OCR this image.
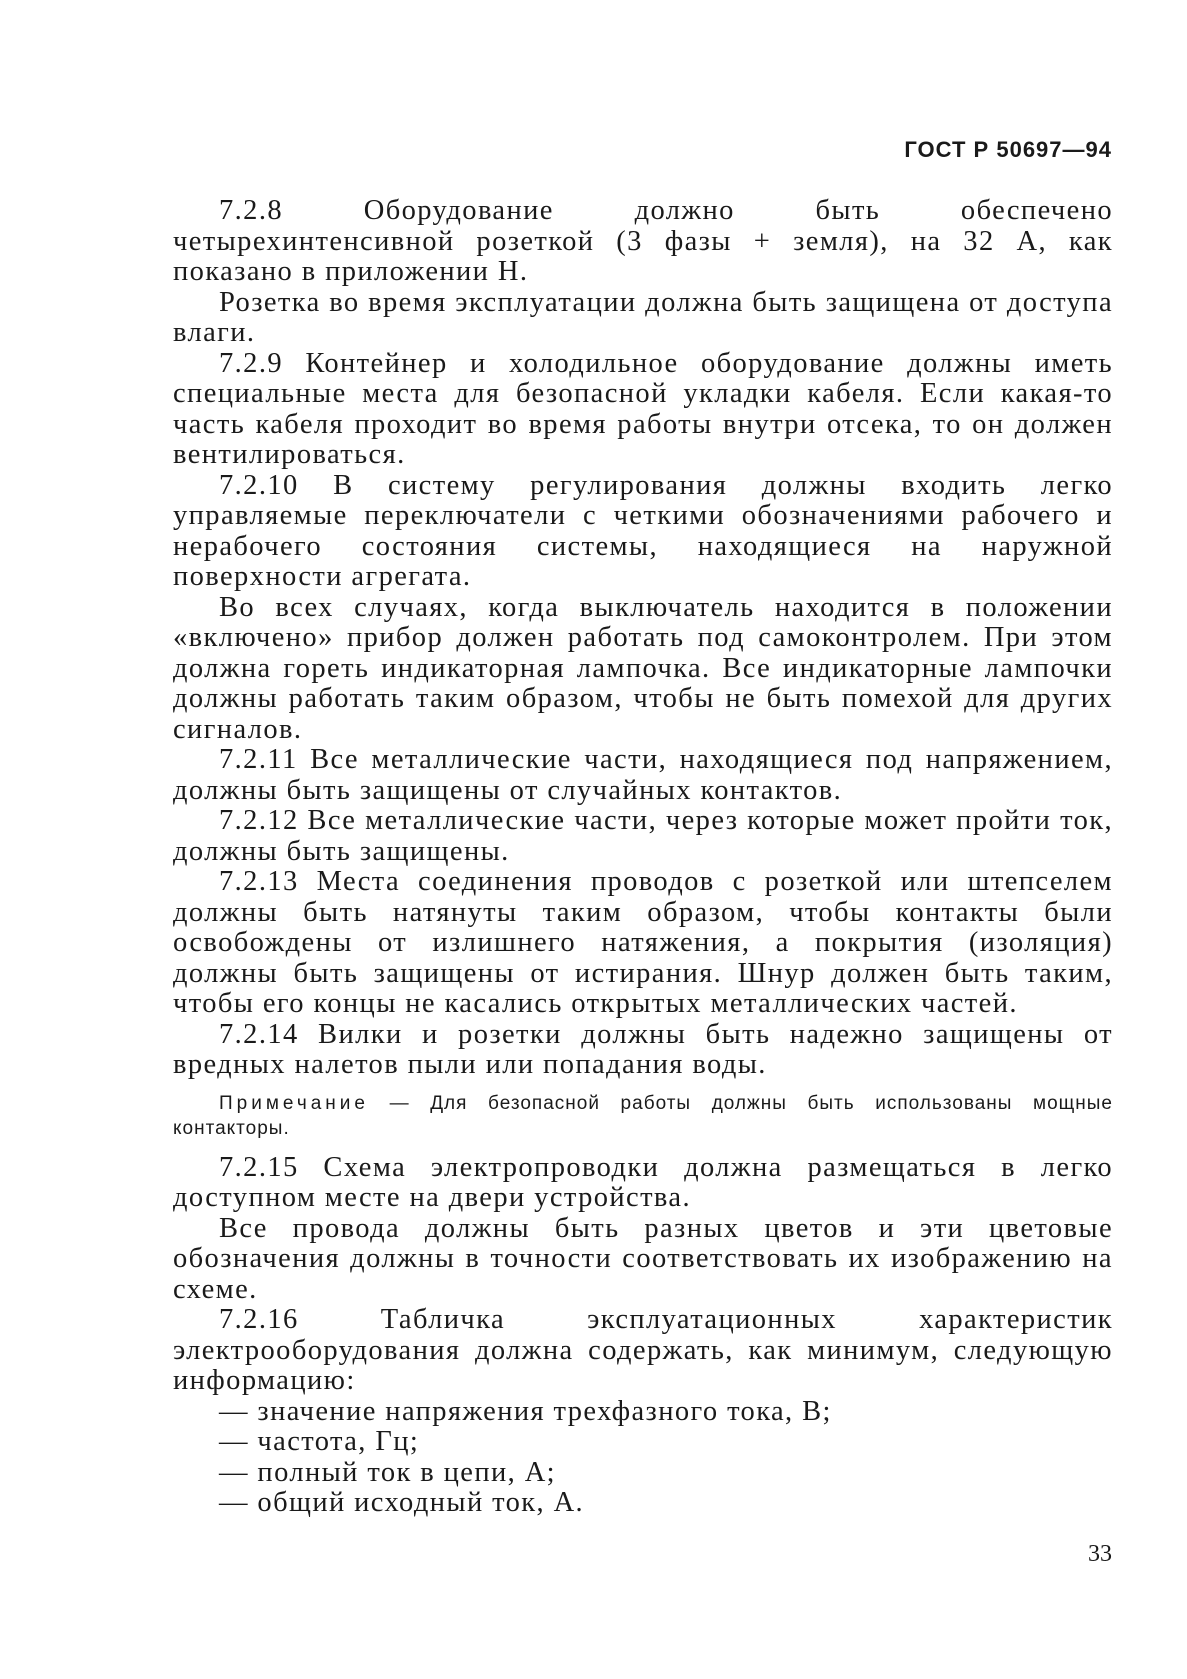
ГОСТ Р 50697—94

7.2.8 Оборудование должно быть обеспечено четырехинтенсивной розеткой (3 фазы + земля), на 32 А, как показано в приложении Н.

Розетка во время эксплуатации должна быть защищена от доступа влаги.

7.2.9 Контейнер и холодильное оборудование должны иметь специальные места для безопасной укладки кабеля. Если какая-то часть кабеля проходит во время работы внутри отсека, то он должен вентилироваться.

7.2.10 В систему регулирования должны входить легко управляемые переключатели с четкими обозначениями рабочего и нерабочего состояния системы, находящиеся на наружной поверхности агрегата.

Во всех случаях, когда выключатель находится в положении «включено» прибор должен работать под самоконтролем. При этом должна гореть индикаторная лампочка. Все индикаторные лампочки должны работать таким образом, чтобы не быть помехой для других сигналов.

7.2.11 Все металлические части, находящиеся под напряжением, должны быть защищены от случайных контактов.

7.2.12 Все металлические части, через которые может пройти ток, должны быть защищены.

7.2.13 Места соединения проводов с розеткой или штепселем должны быть натянуты таким образом, чтобы контакты были освобождены от излишнего натяжения, а покрытия (изоляция) должны быть защищены от истирания. Шнур должен быть таким, чтобы его концы не касались открытых металлических частей.

7.2.14 Вилки и розетки должны быть надежно защищены от вредных налетов пыли или попадания воды.

Примечание — Для безопасной работы должны быть использованы мощные контакторы.

7.2.15 Схема электропроводки должна размещаться в легко доступном месте на двери устройства.

Все провода должны быть разных цветов и эти цветовые обозначения должны в точности соответствовать их изображению на схеме.

7.2.16 Табличка эксплуатационных характеристик электрооборудования должна содержать, как минимум, следующую информацию:

— значение напряжения трехфазного тока, В;
— частота, Гц;
— полный ток в цепи, А;
— общий исходный ток, А.
33
